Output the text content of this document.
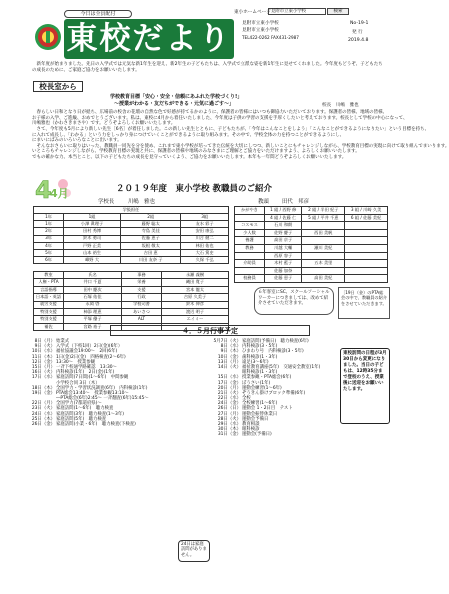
今日は全員配付
東校だより
東小ホームページ 見附市立東小学校	検索
見附市立東小学校
見附市立東小学校
TEL422-0262 FAX431-2987
No-19-1
発 行
2019.4.8
　新年度が始まりました。先日の入学式では元気な新1年生を迎え、新2年生の子どもたちは、入学式で立派な姿を新1年生に見せてくれました。今年度もどうぞ、子どもたちの成長のために、ご家庭ご協力をお願いいたします。
校長室から
学校教育目標「安心・安全・信頼にあふれた学校づくり!」
～授業がわかる・友だちができる・元気に過ごす～」	校長　川嶋　雅也
　春らしい日和となり日が経ち、広場前の校舎の花壇の自然な色で好感が持てるかのように、保護者の皆様にはいつも御協力いただいております。保護者の皆様、地域の皆様、
お子様の入学、ご進級、おめでとうございます。私は、東校に4月から着任いたしました、今年度は子供の学習の支援を手厚くしたいと考えております。校長として学校の中心になって、
川嶋雅也（かわさきまさや）です。どうぞよろしくお願いいたします。
　さて、今年度も5月により新しい先生［6名］が着任しました。この新しい先生とともに、子どもたちが、「今年はこんなことをしよう」「こんなことができるようになりたい」という目標を持ち、
に入れて成長し、「わかる」という力をしっかり身につけていくことができるように取り組みます。その中で、学校全体の力を持つことができるようにし、
にまいにぱみのいろいろなことに出います。
　そんなおさらいに取りはいった、教職員一同先を分を使め、これまで東小学校が培ってきた伝統を大切にしつつ、新しいことにもチャレンジしながら、学校教育目標の実現に向けて取り組んでまいります。
いところもチャレンジしながら、学校教育目標の実現と共に、保護者の皆様や地域のみなさまにご理解とご協力をいただけますよう、よろしくお願いいたします。
でもの確かな力、本当とこと、以下の子どもたちの成長を見守っていくよう、ご協力をお願いいたします。本年も一年間どうぞよろしくお願いいたします。
4
4月	２０１９年度　東小学校 教職員のご紹介
学校長	川嶋　雅也	教頭 田代　邦彦
学級担任			
1年	1組	2組	3組
1年	小澤 眞理子	藤野 聡太	友水 彩子
2年	田村 秀博	寺島 美佳	安田 康弘
3年	鈴木 勇司	佐藤 恵子	川合 健二
4年	戸野 正美	坂根 敬太	林田 佑也
5年	山本 裕生	吉田 恵	大石 篤史
6年	峰野 大	川田 友奈 子	久保 千弘
教室	氏名	事務	永瀬 義樹
人権・PTA	井口 千夏	栄養	縄田 寛子
言語指導	田中 慶次	支援	宮本 龍太
日本語・英語	石塚 佑佳	行政	吉原 久美子
就労支援	永岡 啓	学校司書	鈴木 伸彦
特別支援	柿添 理恵	あいさつ	渡辺 明子
特別支援	平塚 優子	ALT	エイミー
補佐	宮路 裕子		
かがやき	1 組 / 西野 修	2 組 / 半田 紀子	3 組 / 川崎 久美
	4 組 / 佐藤 仁	5 組 / 平井 千恵	6 組 / 佐藤 美紀
コスモス	石川 和朗		
少人数	佐野 慶子	西田 美帆	
養護	高田 京子		
教務	川越 大輔	瀬川 美紀	
	西原 容子		
介助員	木村 藍子	五木 美里	
	佐藤 加奈		
校務員	佐藤 恵子	高田 美紀	
６年客室にSC、スクールソーシャルワーカーにつきましては、改めて紹介させていただきます。
［19日（金）のPTA総会の中で、教職員の紹介をさせていただきます。
４．５月行事予定
8日（月） 始業式
9日（火） 入学式（下校1回）2日(金)(6年）
10日（水） 福祉協議会19:00〜　2回(6年)
11日（木） 1日(金)2日(金)　四格検査(2〜6年)
12日（金） 13:30〜　授業参観
15日（月） 一斉下校通学路確認　13:30〜
16日（火） 内科検診(1年)　2日(金)(1年)
17日（水） 家庭訪問(7日間)(1〜6年)　中間参観
小学校合同 3日（木）
18日（木） 全国学力・学習状況調査(6年)　内科検診(1年)
19日（金） PTA総会13:40〜　授業参観13:10〜
―PTA総会(6年)2:45〜 一斉翻査(6年)15:45〜
22日（月） 全国学力(7都道府県)〜
23日（火） 家庭訪問(1〜6年)　聴力検査
24日（水） 家庭訪問(3年)　聴力検査(1〜3年)
25日（木） 家庭訪問(5年)　聴力検査
26日（金） 家庭訪問(小業・6年)　聴力検査(下検査)
24日は家庭訪問がありません。
5月7日（火） 家庭訪問(予備日)　聴力検査(6年)
8日（水） 内科検診(3・5年)
9日（木） ひまわり号　内科検診(3・5年)
10日（金） 歯科検診(1・3年)
13日（月） 遠足(3〜6年)
14日（火） 福祉教育講座(5年)　交通安全教室(1年)
眼科検診(1・3年)
15日（水） 授業参観・PTA総会(6年)
17日（金） ぼうさい(1年)
20日（月） 運動会練習(1〜6年)
21日（火） ぞうきん掛けブロック準備(6年)
22日（水） 全校
24日（金） 全校練習(1〜6年)
26日（日） 運動会 1・2日目　テスト
27日（月） 運動会振替休業日
28日（火） 運動会予備日
29日（水） 教育相談
30日（木） 眼科検診
31日（金） 運動会(予備日)
東校訪問の日程が3月30日から変更になりました。当日の子どもは、12時35分まで登校のうえ、授業後に送迎をお願いいたします。
